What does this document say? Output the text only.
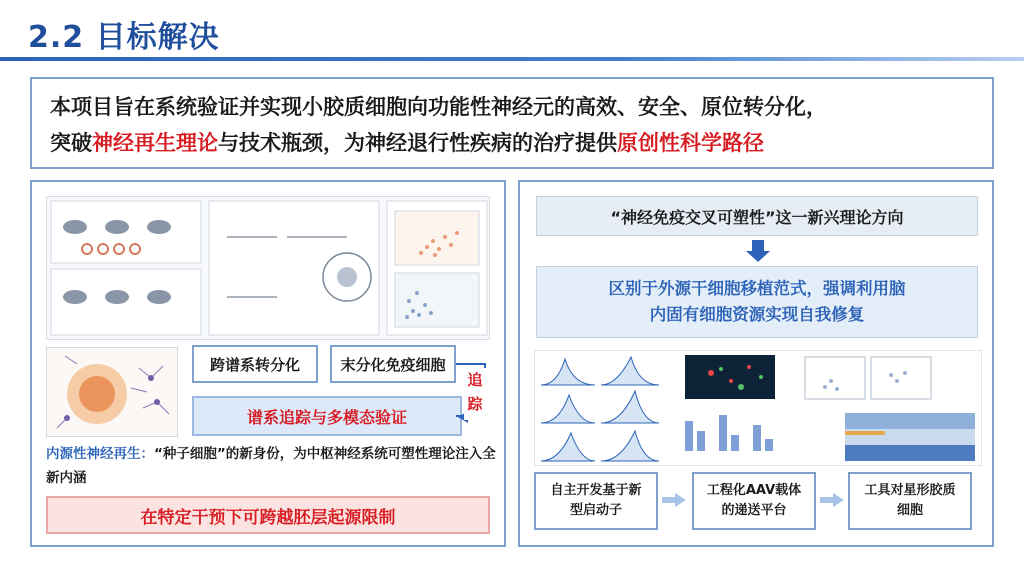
2.2 目标解决

本项目旨在系统验证并实现小胶质细胞向功能性神经元的高效、安全、原位转分化，

突破神经再生理论与技术瓶颈，为神经退行性疾病的治疗提供原创性科学路径

跨谱系转分化	末分化免疫细胞
谱系追踪与多模态验证
追
踪
内源性神经再生：“种子细胞”的新身份，为中枢神经系统可塑性理论注入全新内涵
在特定干预下可跨越胚层起源限制
“神经免疫交叉可塑性”这一新兴理论方向
区别于外源干细胞移植范式，强调利用脑
内固有细胞资源实现自我修复
自主开发基于新
型启动子
工程化AAV载体
的递送平台
工具对星形胶质
细胞
